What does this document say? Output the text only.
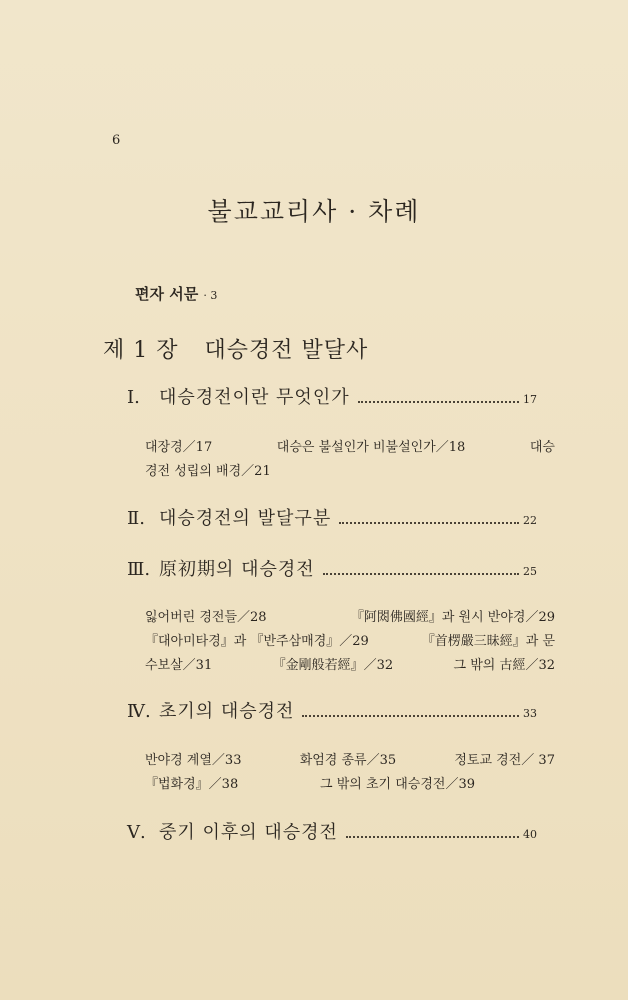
6
불교교리사 · 차례
편자 서문 · 3
제 1 장 대승경전 발달사
Ⅰ.	대승경전이란 무엇인가	17
대장경／17	대승은 불설인가 비불설인가／18	대승
경전 성립의 배경／21
Ⅱ. 대승경전의 발달구분	22
Ⅲ. 原初期의 대승경전	25
잃어버린 경전들／28	『阿閦佛國經』과 원시 반야경／29
『대아미타경』과 『반주삼매경』／29	『首楞嚴三昧經』과 문
수보살／31	『金剛般若經』／32	그 밖의 古經／32
Ⅳ. 초기의 대승경전	33
반야경 계열／33	화엄경 종류／35	정토교 경전／ 37
『법화경』／38	그 밖의 초기 대승경전／39
Ⅴ. 중기 이후의 대승경전	40
